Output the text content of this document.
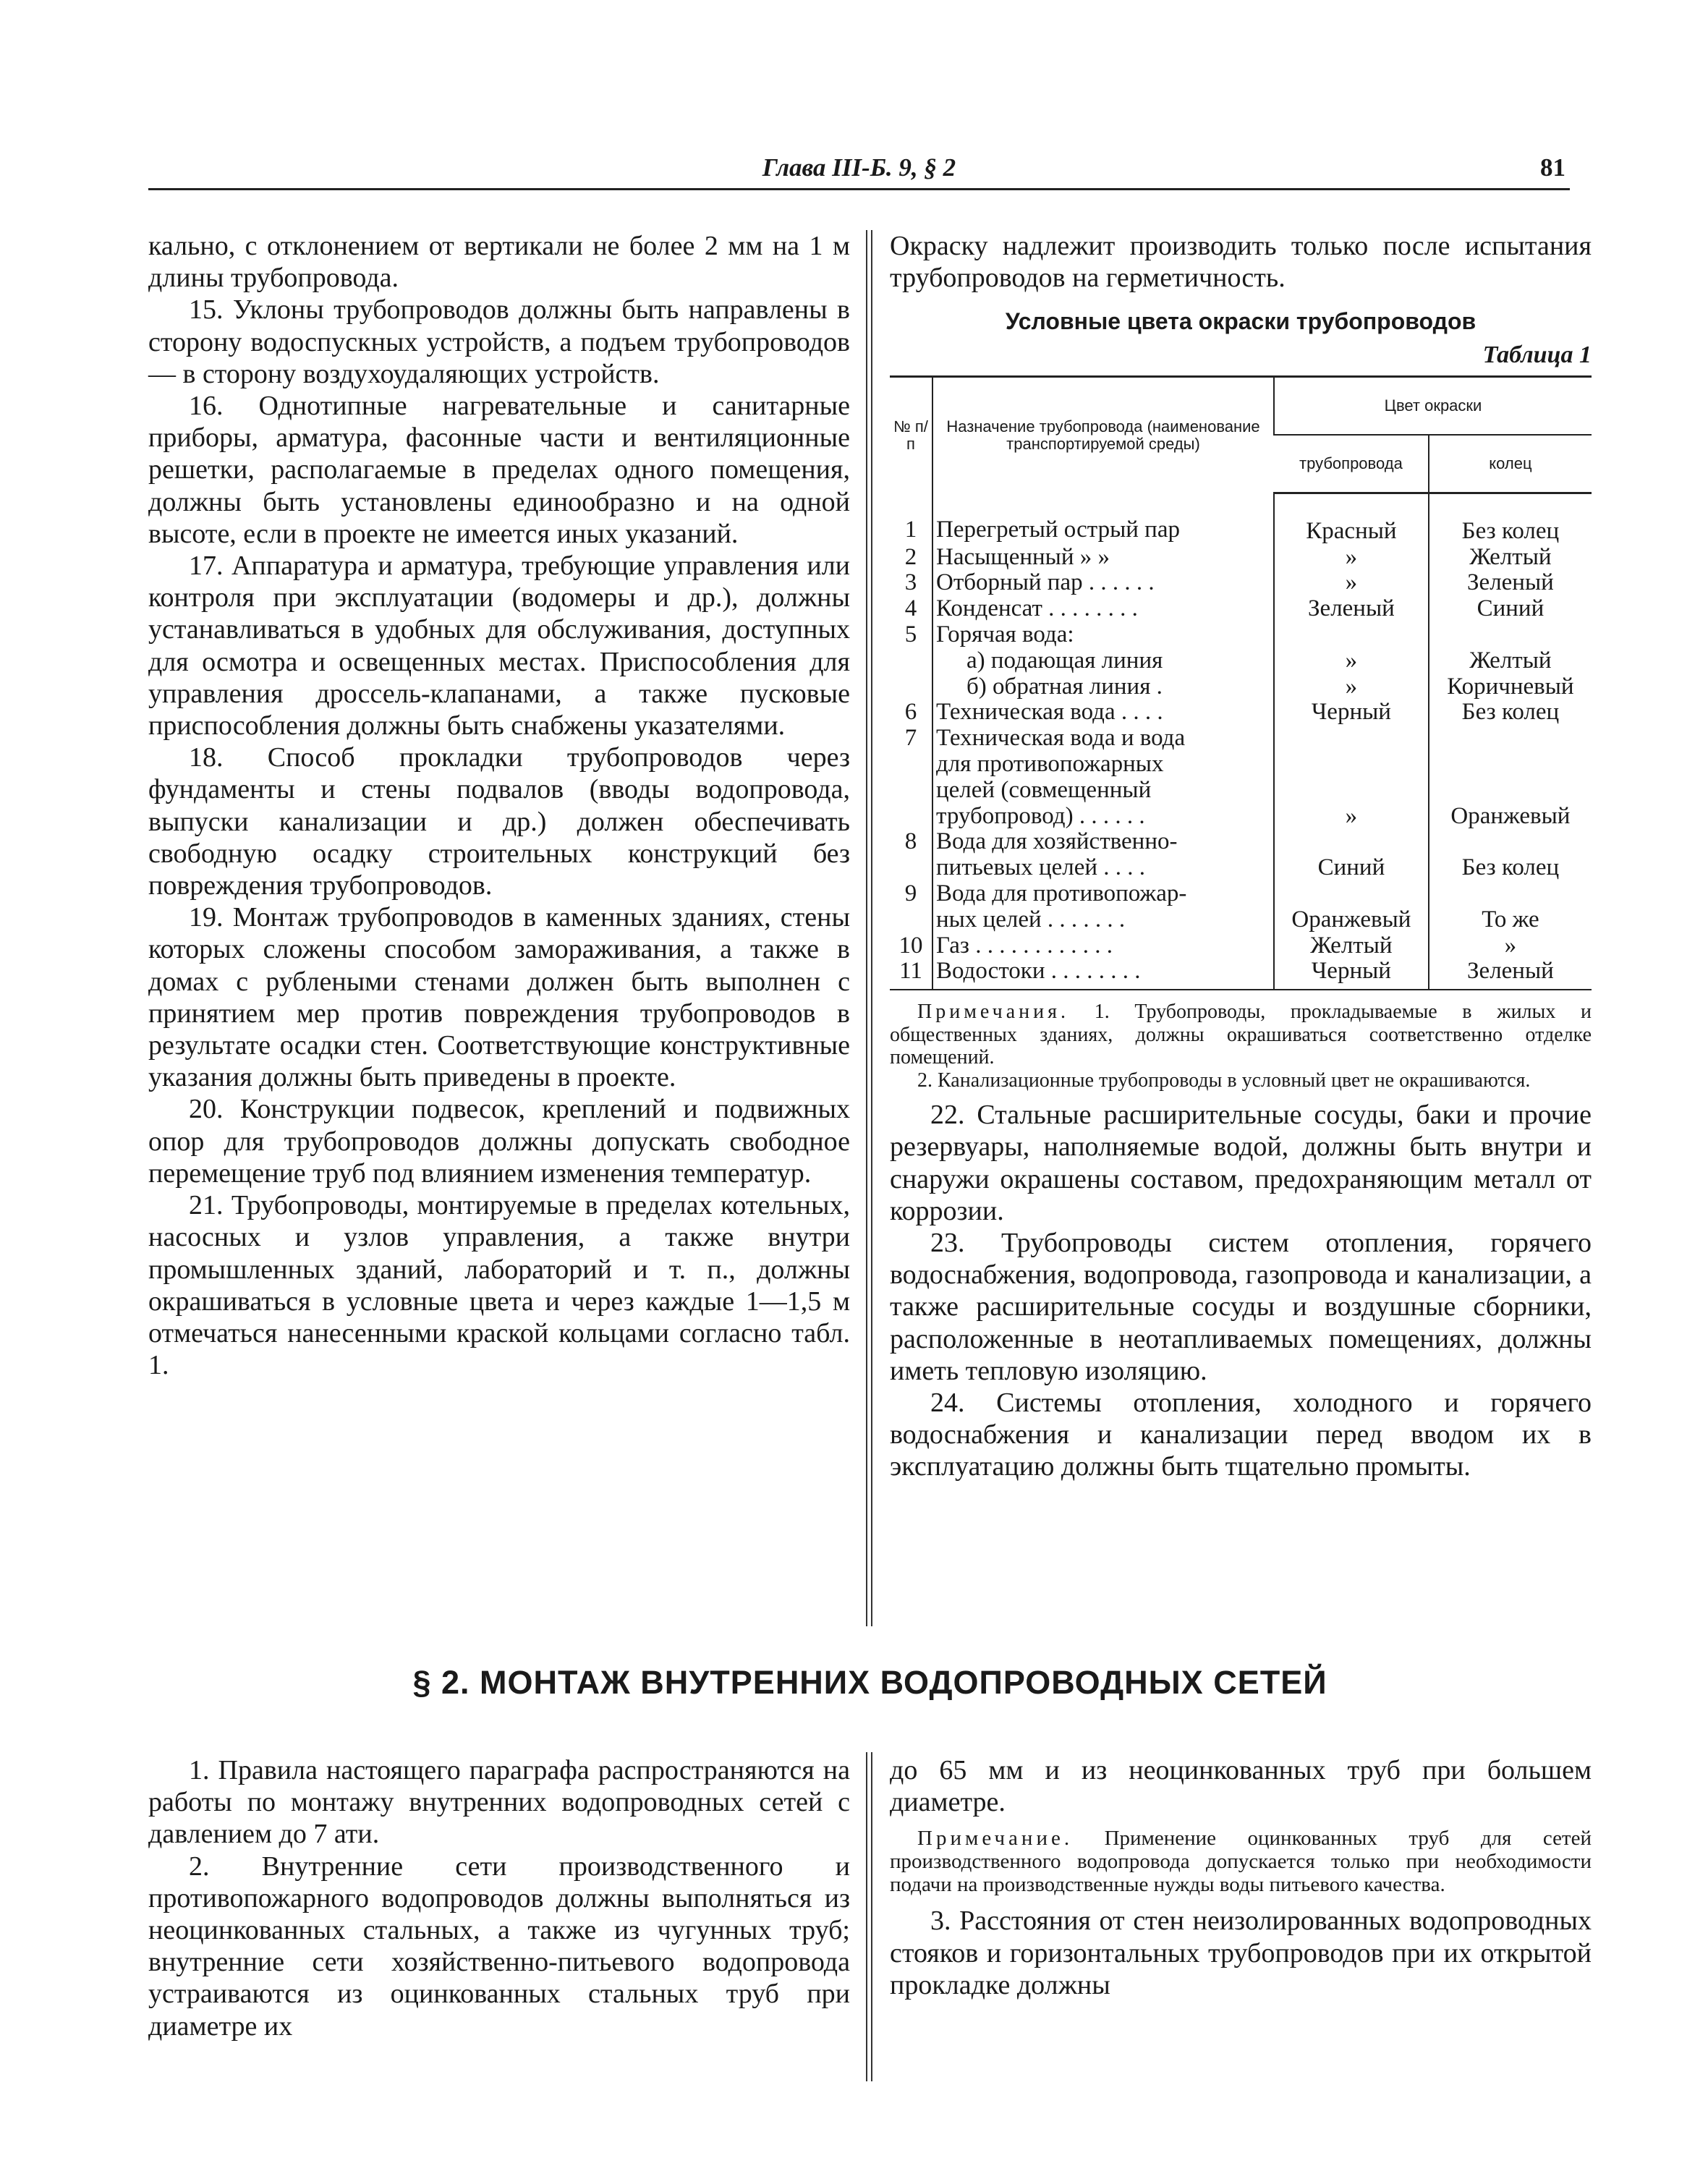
Глава III-Б. 9, § 2	81

кально, с отклонением от вертикали не более 2 мм на 1 м длины трубопровода.

15. Уклоны трубопроводов должны быть направлены в сторону водоспускных устройств, а подъем трубопроводов — в сторону воздухоудаляющих устройств.

16. Однотипные нагревательные и санитарные приборы, арматура, фасонные части и вентиляционные решетки, располагаемые в пределах одного помещения, должны быть установлены единообразно и на одной высоте, если в проекте не имеется иных указаний.

17. Аппаратура и арматура, требующие управления или контроля при эксплуатации (водомеры и др.), должны устанавливаться в удобных для обслуживания, доступных для осмотра и освещенных местах. Приспособления для управления дроссель-клапанами, а также пусковые приспособления должны быть снабжены указателями.

18. Способ прокладки трубопроводов через фундаменты и стены подвалов (вводы водопровода, выпуски канализации и др.) должен обеспечивать свободную осадку строительных конструкций без повреждения трубопроводов.

19. Монтаж трубопроводов в каменных зданиях, стены которых сложены способом замораживания, а также в домах с рублеными стенами должен быть выполнен с принятием мер против повреждения трубопроводов в результате осадки стен. Соответствующие конструктивные указания должны быть приведены в проекте.

20. Конструкции подвесок, креплений и подвижных опор для трубопроводов должны допускать свободное перемещение труб под влиянием изменения температур.

21. Трубопроводы, монтируемые в пределах котельных, насосных и узлов управления, а также внутри промышленных зданий, лабораторий и т. п., должны окрашиваться в условные цвета и через каждые 1—1,5 м отмечаться нанесенными краской кольцами согласно табл. 1.

Окраску надлежит производить только после испытания трубопроводов на герметичность.

Условные цвета окраски трубопроводов
Таблица 1
№ п/п	Назначение трубопровода (наименование транспортируемой среды)	Цвет окраски	
		трубопровода	колец
1	Перегретый острый пар	Красный	Без колец
2	Насыщенный » »	»	Желтый
3	Отборный пар . . . . . .	»	Зеленый
4	Конденсат . . . . . . . .	Зеленый	Синий
5	Горячая вода:		

	а) подающая линия	»	Желтый

	б) обратная линия .	»	Коричневый
6	Техническая вода . . . .	Черный	Без колец
7	Техническая вода и вода
для противопожарных
целей (совмещенный
трубопровод) . . . . . .	»	Оранжевый
8	Вода для хозяйственно-
питьевых целей . . . .	Синий	Без колец
9	Вода для противопожар-
ных целей . . . . . . .	Оранжевый	То же
10	Газ . . . . . . . . . . . .	Желтый	»
11	Водостоки . . . . . . . .	Черный	Зеленый

Примечания. 1. Трубопроводы, прокладываемые в жилых и общественных зданиях, должны окрашиваться соответственно отделке помещений.

2. Канализационные трубопроводы в условный цвет не окрашиваются.

22. Стальные расширительные сосуды, баки и прочие резервуары, наполняемые водой, должны быть внутри и снаружи окрашены составом, предохраняющим металл от коррозии.

23. Трубопроводы систем отопления, горячего водоснабжения, водопровода, газопровода и канализации, а также расширительные сосуды и воздушные сборники, расположенные в неотапливаемых помещениях, должны иметь тепловую изоляцию.

24. Системы отопления, холодного и горячего водоснабжения и канализации перед вводом их в эксплуатацию должны быть тщательно промыты.

§ 2. МОНТАЖ ВНУТРЕННИХ ВОДОПРОВОДНЫХ СЕТЕЙ

1. Правила настоящего параграфа распространяются на работы по монтажу внутренних водопроводных сетей с давлением до 7 ати.

2. Внутренние сети производственного и противопожарного водопроводов должны выполняться из неоцинкованных стальных, а также из чугунных труб; внутренние сети хозяйственно-питьевого водопровода устраиваются из оцинкованных стальных труб при диаметре их

до 65 мм и из неоцинкованных труб при большем диаметре.

Примечание. Применение оцинкованных труб для сетей производственного водопровода допускается только при необходимости подачи на производственные нужды воды питьевого качества.

3. Расстояния от стен неизолированных водопроводных стояков и горизонтальных трубопроводов при их открытой прокладке должны
